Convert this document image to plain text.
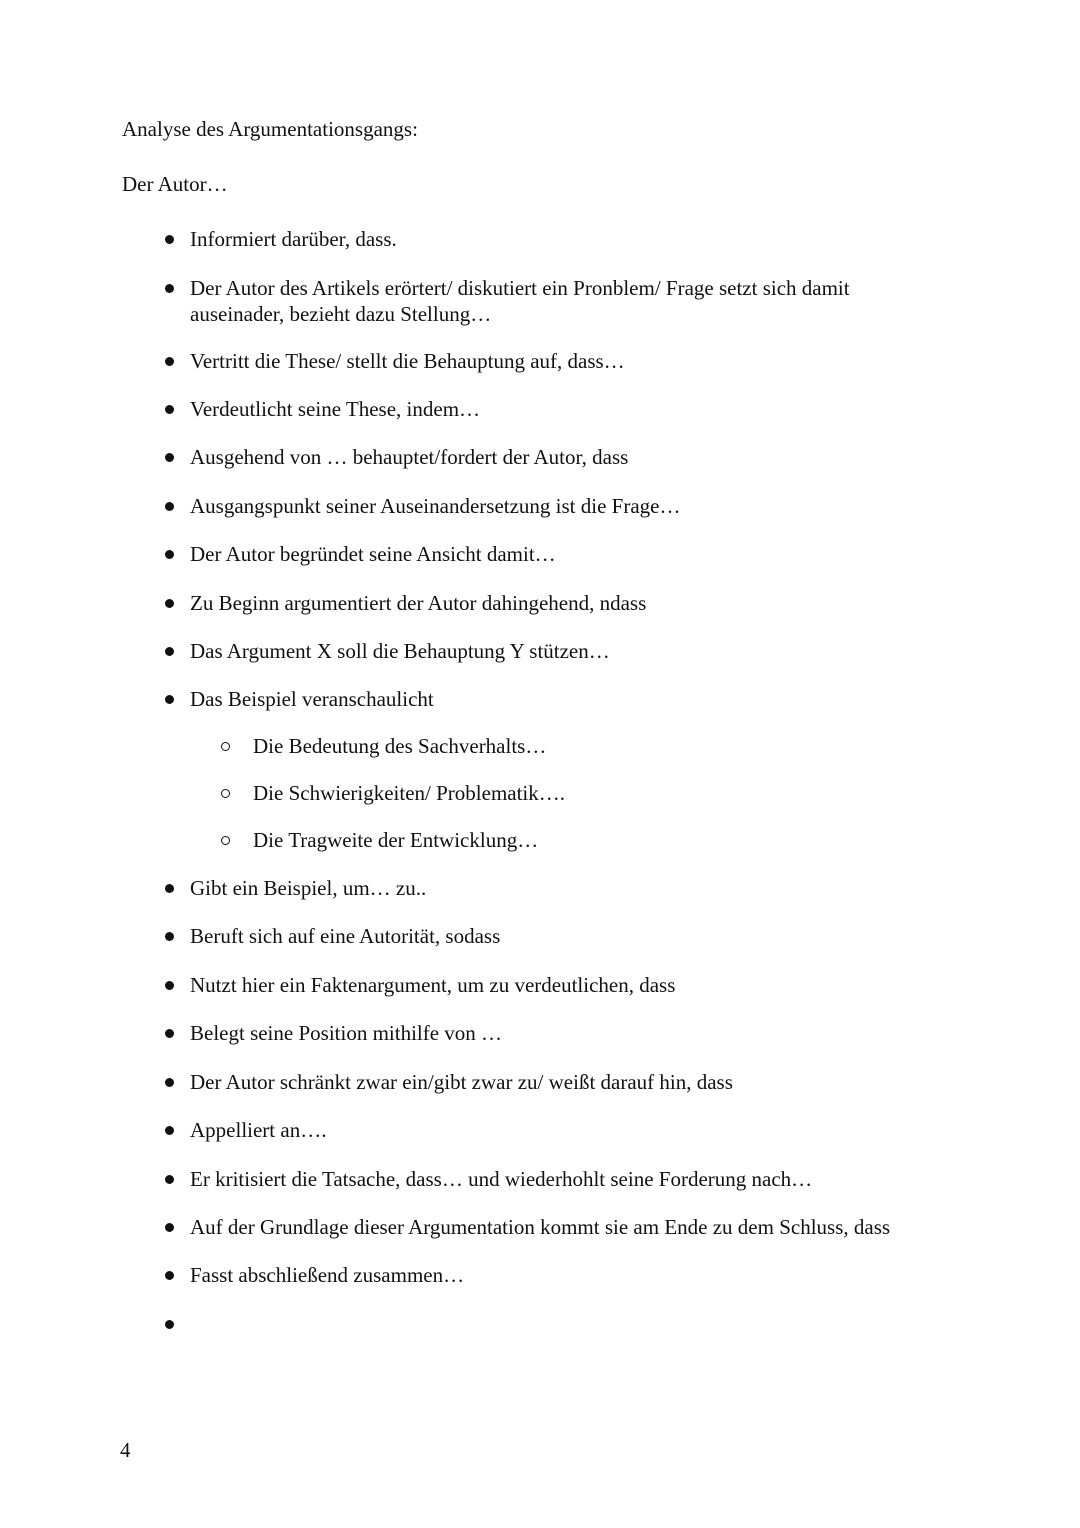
Analyse des Argumentationsgangs:

Der Autor…

Informiert darüber, dass.
Der Autor des Artikels erörtert/ diskutiert ein Pronblem/ Frage setzt sich damit auseinader, bezieht dazu Stellung…
Vertritt die These/ stellt die Behauptung auf, dass…
Verdeutlicht seine These, indem…
Ausgehend von … behauptet/fordert der Autor, dass
Ausgangspunkt seiner Auseinandersetzung ist die Frage…
Der Autor begründet seine Ansicht damit…
Zu Beginn argumentiert der Autor dahingehend, ndass
Das Argument X soll die Behauptung Y stützen…
Das Beispiel veranschaulicht
Die Bedeutung des Sachverhalts…
Die Schwierigkeiten/ Problematik….
Die Tragweite der Entwicklung…
Gibt ein Beispiel, um… zu..
Beruft sich auf eine Autorität, sodass
Nutzt hier ein Faktenargument, um zu verdeutlichen, dass
Belegt seine Position mithilfe von …
Der Autor schränkt zwar ein/gibt zwar zu/ weißt darauf hin, dass
Appelliert an….
Er kritisiert die Tatsache, dass… und wiederhohlt seine Forderung nach…
Auf der Grundlage dieser Argumentation kommt sie am Ende zu dem Schluss, dass
Fasst abschließend zusammen…

4
